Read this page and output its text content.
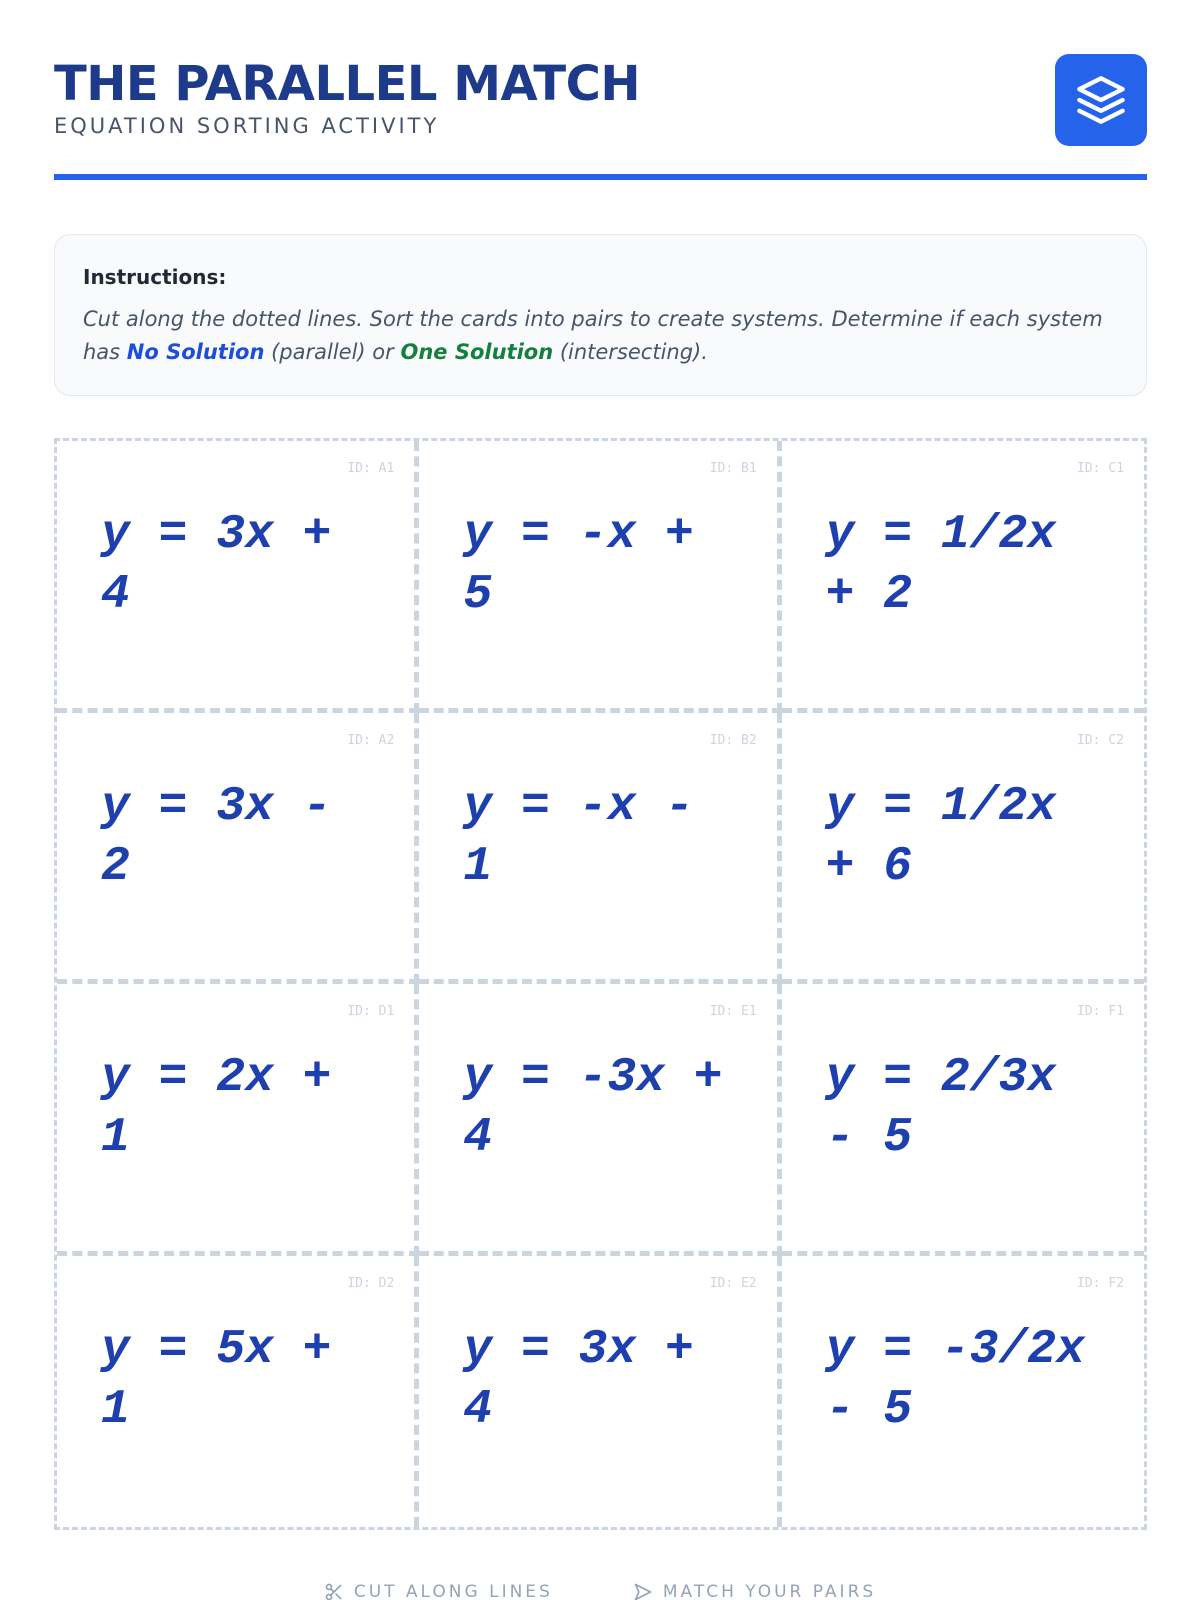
THE PARALLEL MATCH
EQUATION SORTING ACTIVITY
Instructions:
Cut along the dotted lines. Sort the cards into pairs to create systems. Determine if each system has No Solution (parallel) or One Solution (intersecting).
ID: A1
y = 3x + 4
ID: B1
y = -x + 5
ID: C1
y = 1/2x + 2
ID: A2
y = 3x - 2
ID: B2
y = -x - 1
ID: C2
y = 1/2x + 6
ID: D1
y = 2x + 1
ID: E1
y = -3x + 4
ID: F1
y = 2/3x - 5
ID: D2
y = 5x + 1
ID: E2
y = 3x + 4
ID: F2
y = -3/2x - 5
CUT ALONG LINES	MATCH YOUR PAIRS
